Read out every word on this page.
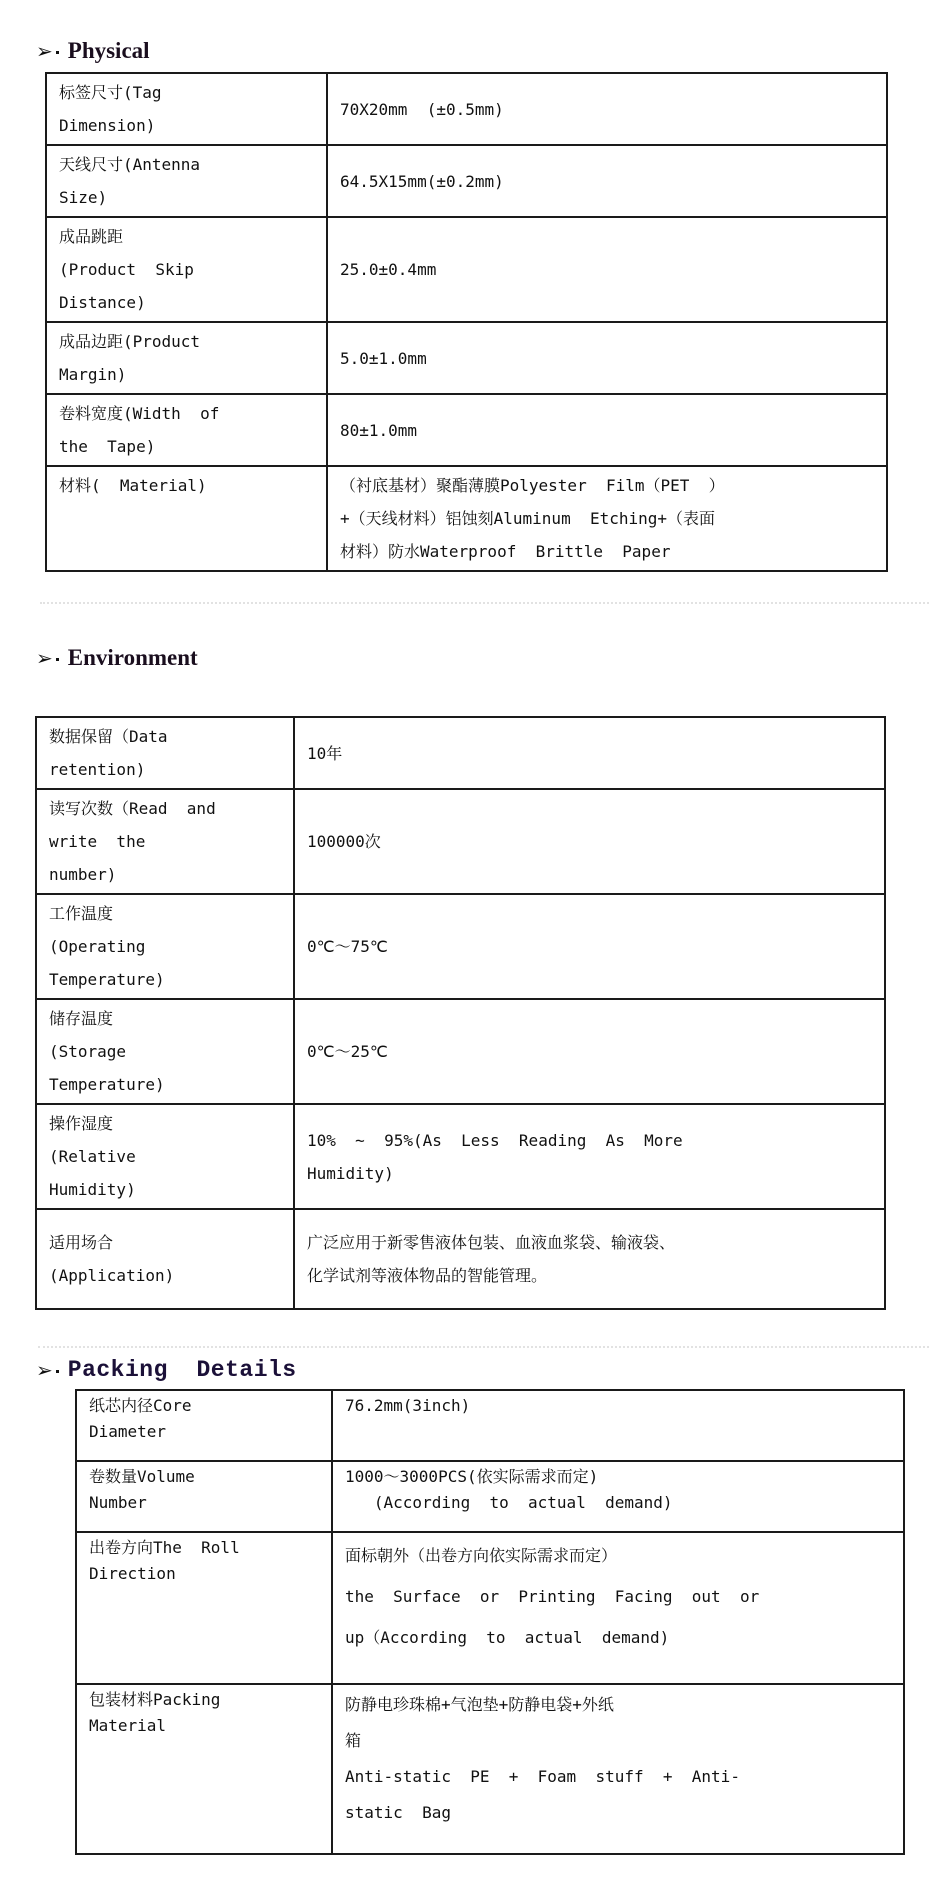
➢ Physical
标签尺寸(Tag
Dimension)	70X20mm  (±0.5mm)

天线尺寸(Antenna
Size)	64.5X15mm(±0.2mm)

成品跳距
(Product  Skip
Distance)	25.0±0.4mm

成品边距(Product
Margin)	5.0±1.0mm

卷料宽度(Width  of
the  Tape)	80±1.0mm

材料(  Material)	（衬底基材）聚酯薄膜Polyester  Film（PET  ）
+（天线材料）铝蚀刻Aluminum  Etching+（表面
材料）防水Waterproof  Brittle  Paper
➢ Environment
数据保留（Data
retention)	10年

读写次数（Read  and
write  the
number)	100000次

工作温度
(Operating
Temperature)	0℃～75℃

储存温度
(Storage
Temperature)	0℃～25℃

操作湿度
(Relative
Humidity)	10%  ~  95%(As  Less  Reading  As  More
Humidity)

适用场合
(Application)	广泛应用于新零售液体包装、血液血浆袋、输液袋、
化学试剂等液体物品的智能管理。
➢ Packing  Details
纸芯内径Core
Diameter	76.2mm(3inch)

卷数量Volume
Number	1000～3000PCS(依实际需求而定)
(According  to  actual  demand)

出卷方向The  Roll
Direction	面标朝外（出卷方向依实际需求而定）
the  Surface  or  Printing  Facing  out  or
up（According  to  actual  demand)

包装材料Packing
Material	防静电珍珠棉+气泡垫+防静电袋+外纸
箱
Anti-static  PE  +  Foam  stuff  +  Anti-
static  Bag
